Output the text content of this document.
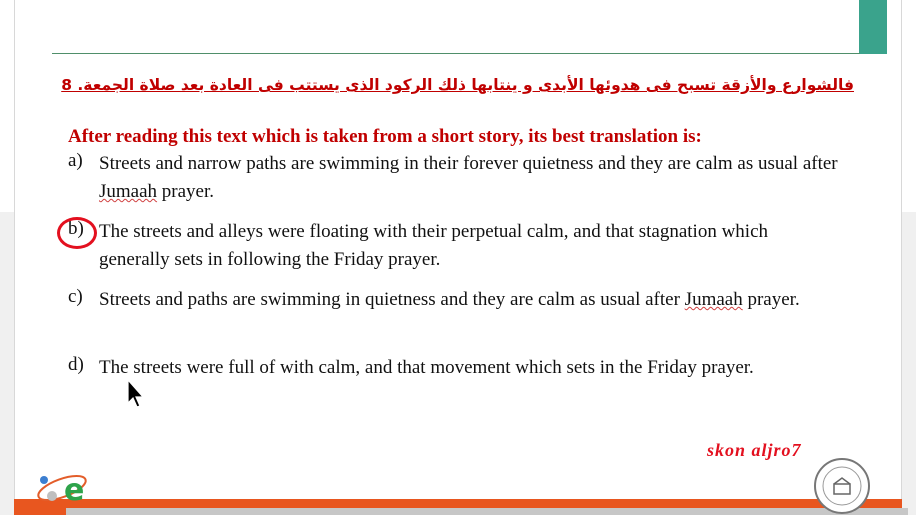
فالشوارع والأزقة تسبح فى هدوئها الأبدى و ينتابها ذلك الركود الذى يستتب فى العادة بعد صلاة الجمعة. 8
After reading this text which is taken from a short story, its best translation is:
a) Streets and narrow paths are swimming in their forever quietness and they are calm as usual after Jumaah prayer.
b) The streets and alleys were floating with their perpetual calm, and that stagnation which generally sets in following the Friday prayer.
c) Streets and paths are swimming in quietness and they are calm as usual after Jumaah prayer.
d) The streets were full of with calm, and that movement which sets in the Friday prayer.
skon aljro7
e
